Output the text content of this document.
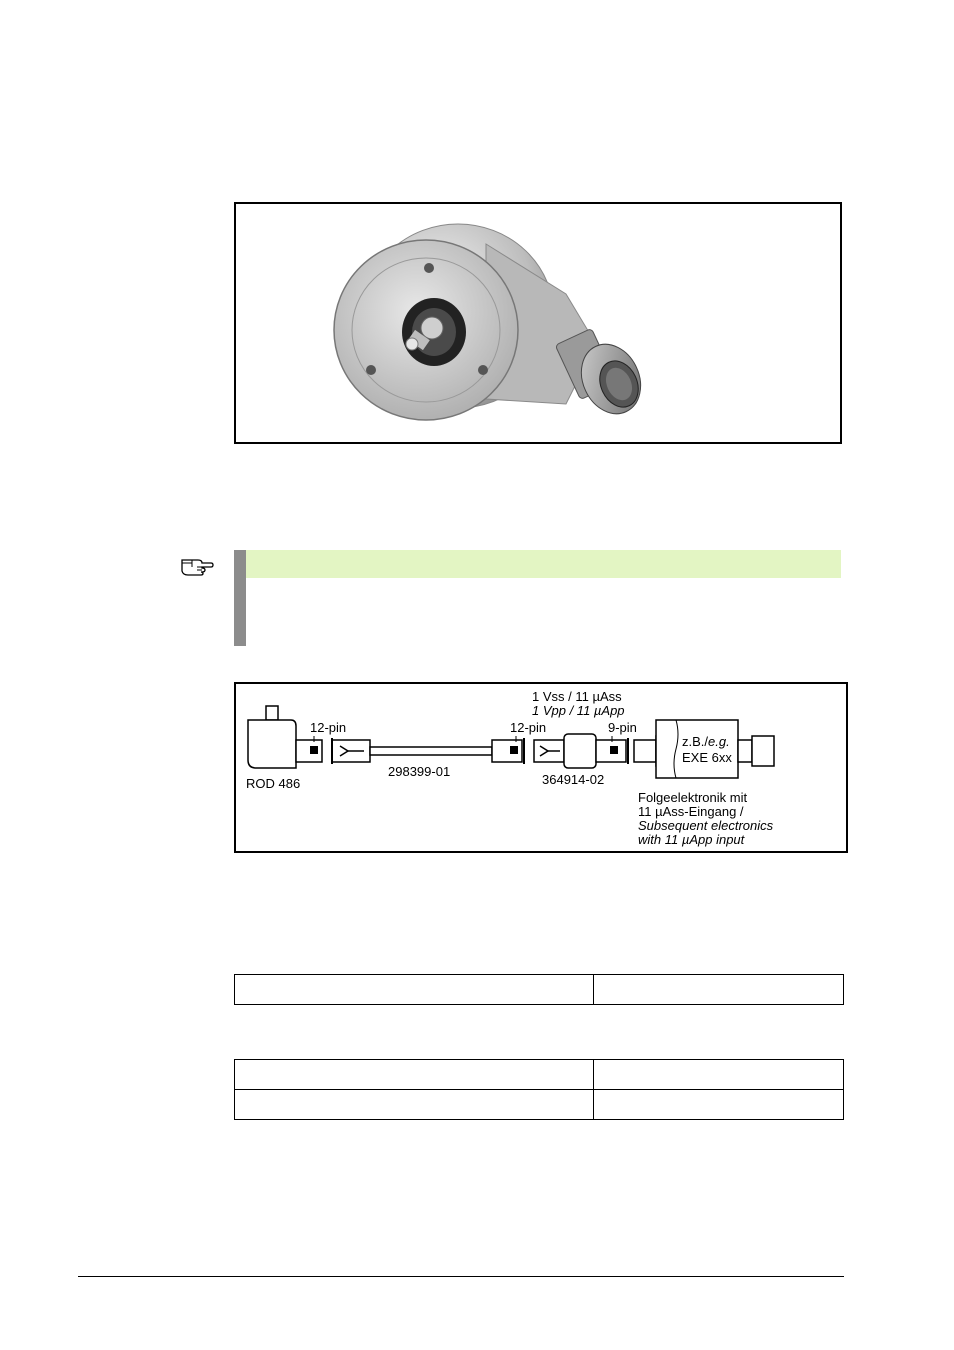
1 Vss / 11 µAss
1 Vpp / 11 µApp
ROD 486
12-pin
298399-01
12-pin
364914-02
9-pin
z.B./e.g.
EXE 6xx
Folgeelektronik mit
11 µAss-Eingang /
Subsequent electronics
with 11 µApp input
